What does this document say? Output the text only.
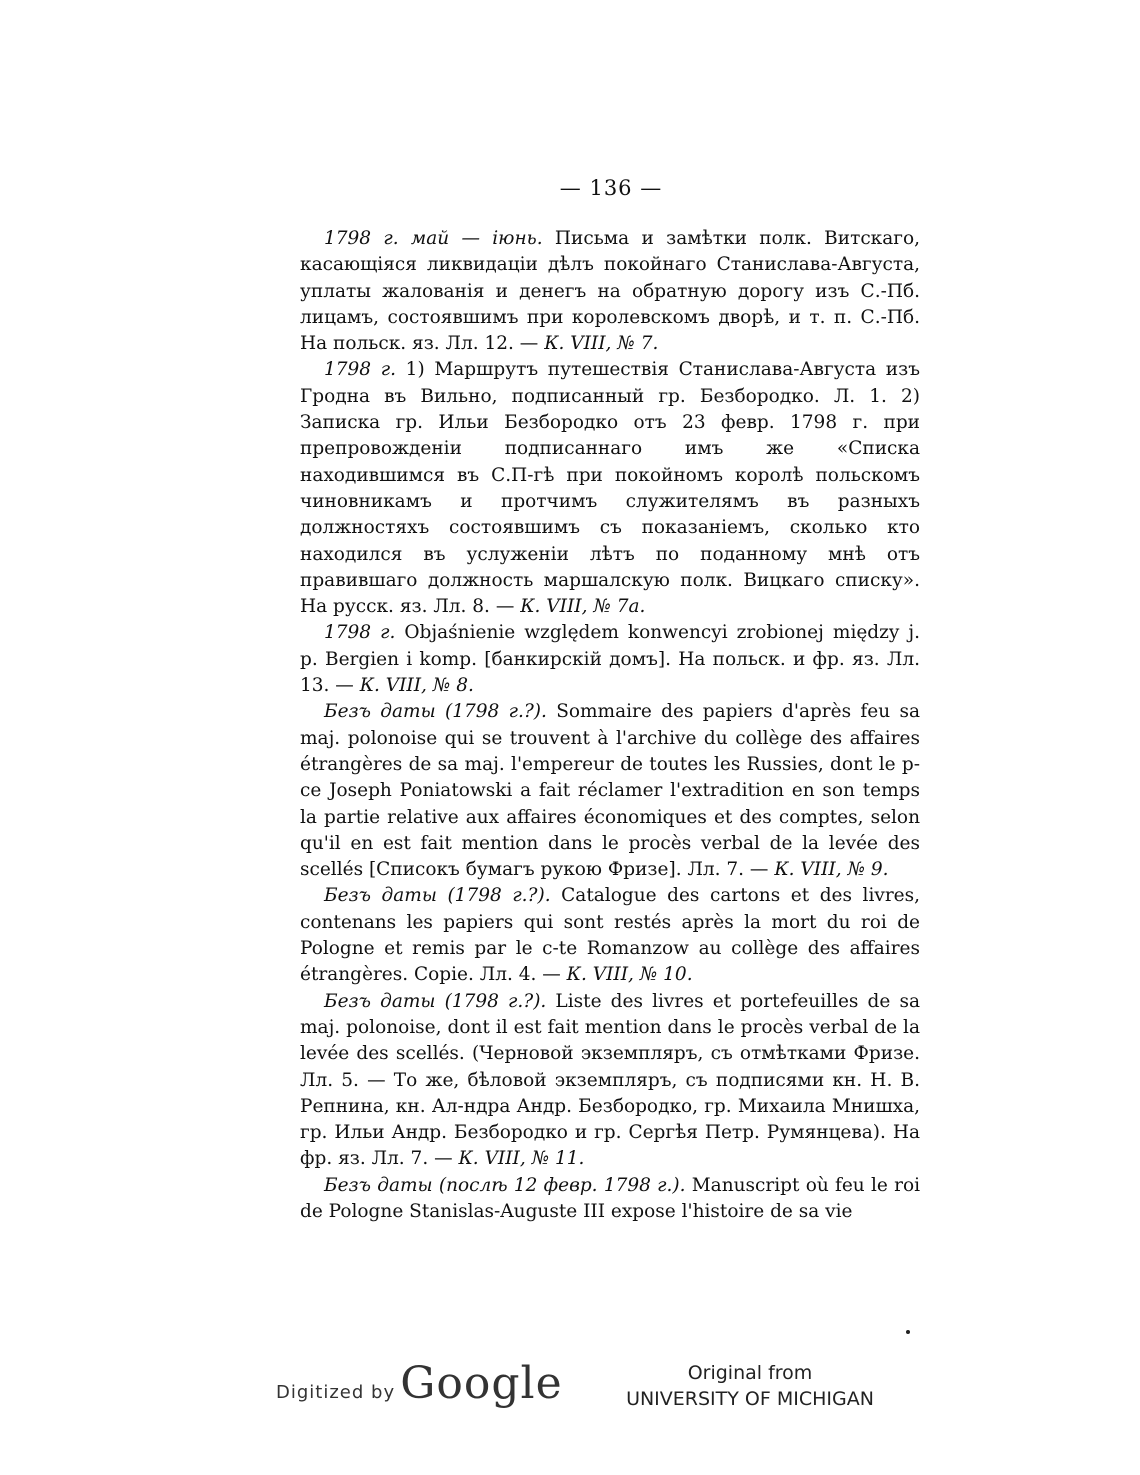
— 136 —

1798 г. май — іюнь. Письма и замѣтки полк. Витскаго, касающіяся ликвидаціи дѣлъ покойнаго Станислава-Августа, уплаты жалованія и денегъ на обратную дорогу изъ С.-Пб. лицамъ, состоявшимъ при королевскомъ дворѣ, и т. п. С.-Пб. На польск. яз. Лл. 12. — К. VIII, № 7.

1798 г. 1) Маршрутъ путешествія Станислава-Августа изъ Гродна въ Вильно, подписанный гр. Безбородко. Л. 1. 2) Записка гр. Ильи Безбородко отъ 23 февр. 1798 г. при препровожденіи подписаннаго имъ же «Списка находившимся въ С.П-гѣ при покойномъ королѣ польскомъ чиновникамъ и протчимъ служителямъ въ разныхъ должностяхъ состоявшимъ съ показаніемъ, сколько кто находился въ услуженіи лѣтъ по поданному мнѣ отъ правившаго должность маршалскую полк. Вицкаго списку». На русск. яз. Лл. 8. — К. VIII, № 7a.

1798 г. Objaśnienie względem konwencyi zrobionej między j. p. Bergien i komp. [банкирскій домъ]. На польск. и фр. яз. Лл. 13. — К. VIII, № 8.

Безъ даты (1798 г.?). Sommaire des papiers d'après feu sa maj. polonoise qui se trouvent à l'archive du collège des affaires étrangères de sa maj. l'empereur de toutes les Russies, dont le p-ce Joseph Poniatowski a fait réclamer l'extradition en son temps la partie relative aux affaires économiques et des comptes, selon qu'il en est fait mention dans le procès verbal de la levée des scellés [Списокъ бумагъ рукою Фризе]. Лл. 7. — К. VIII, № 9.

Безъ даты (1798 г.?). Catalogue des cartons et des livres, contenans les papiers qui sont restés après la mort du roi de Pologne et remis par le c-te Romanzow au collège des affaires étrangères. Copie. Лл. 4. — К. VIII, № 10.

Безъ даты (1798 г.?). Liste des livres et portefeuilles de sa maj. polonoise, dont il est fait mention dans le procès verbal de la levée des scellés. (Черновой экземпляръ, съ отмѣтками Фризе. Лл. 5. — То же, бѣловой экземпляръ, съ подписями кн. Н. В. Репнина, кн. Ал-ндра Андр. Безбородко, гр. Михаила Мнишха, гр. Ильи Андр. Безбородко и гр. Сергѣя Петр. Румянцева). На фр. яз. Лл. 7. — К. VIII, № 11.

Безъ даты (послѣ 12 февр. 1798 г.). Manuscript où feu le roi de Pologne Stanislas-Auguste III expose l'histoire de sa vie

Digitized by Google	Original from
UNIVERSITY OF MICHIGAN
